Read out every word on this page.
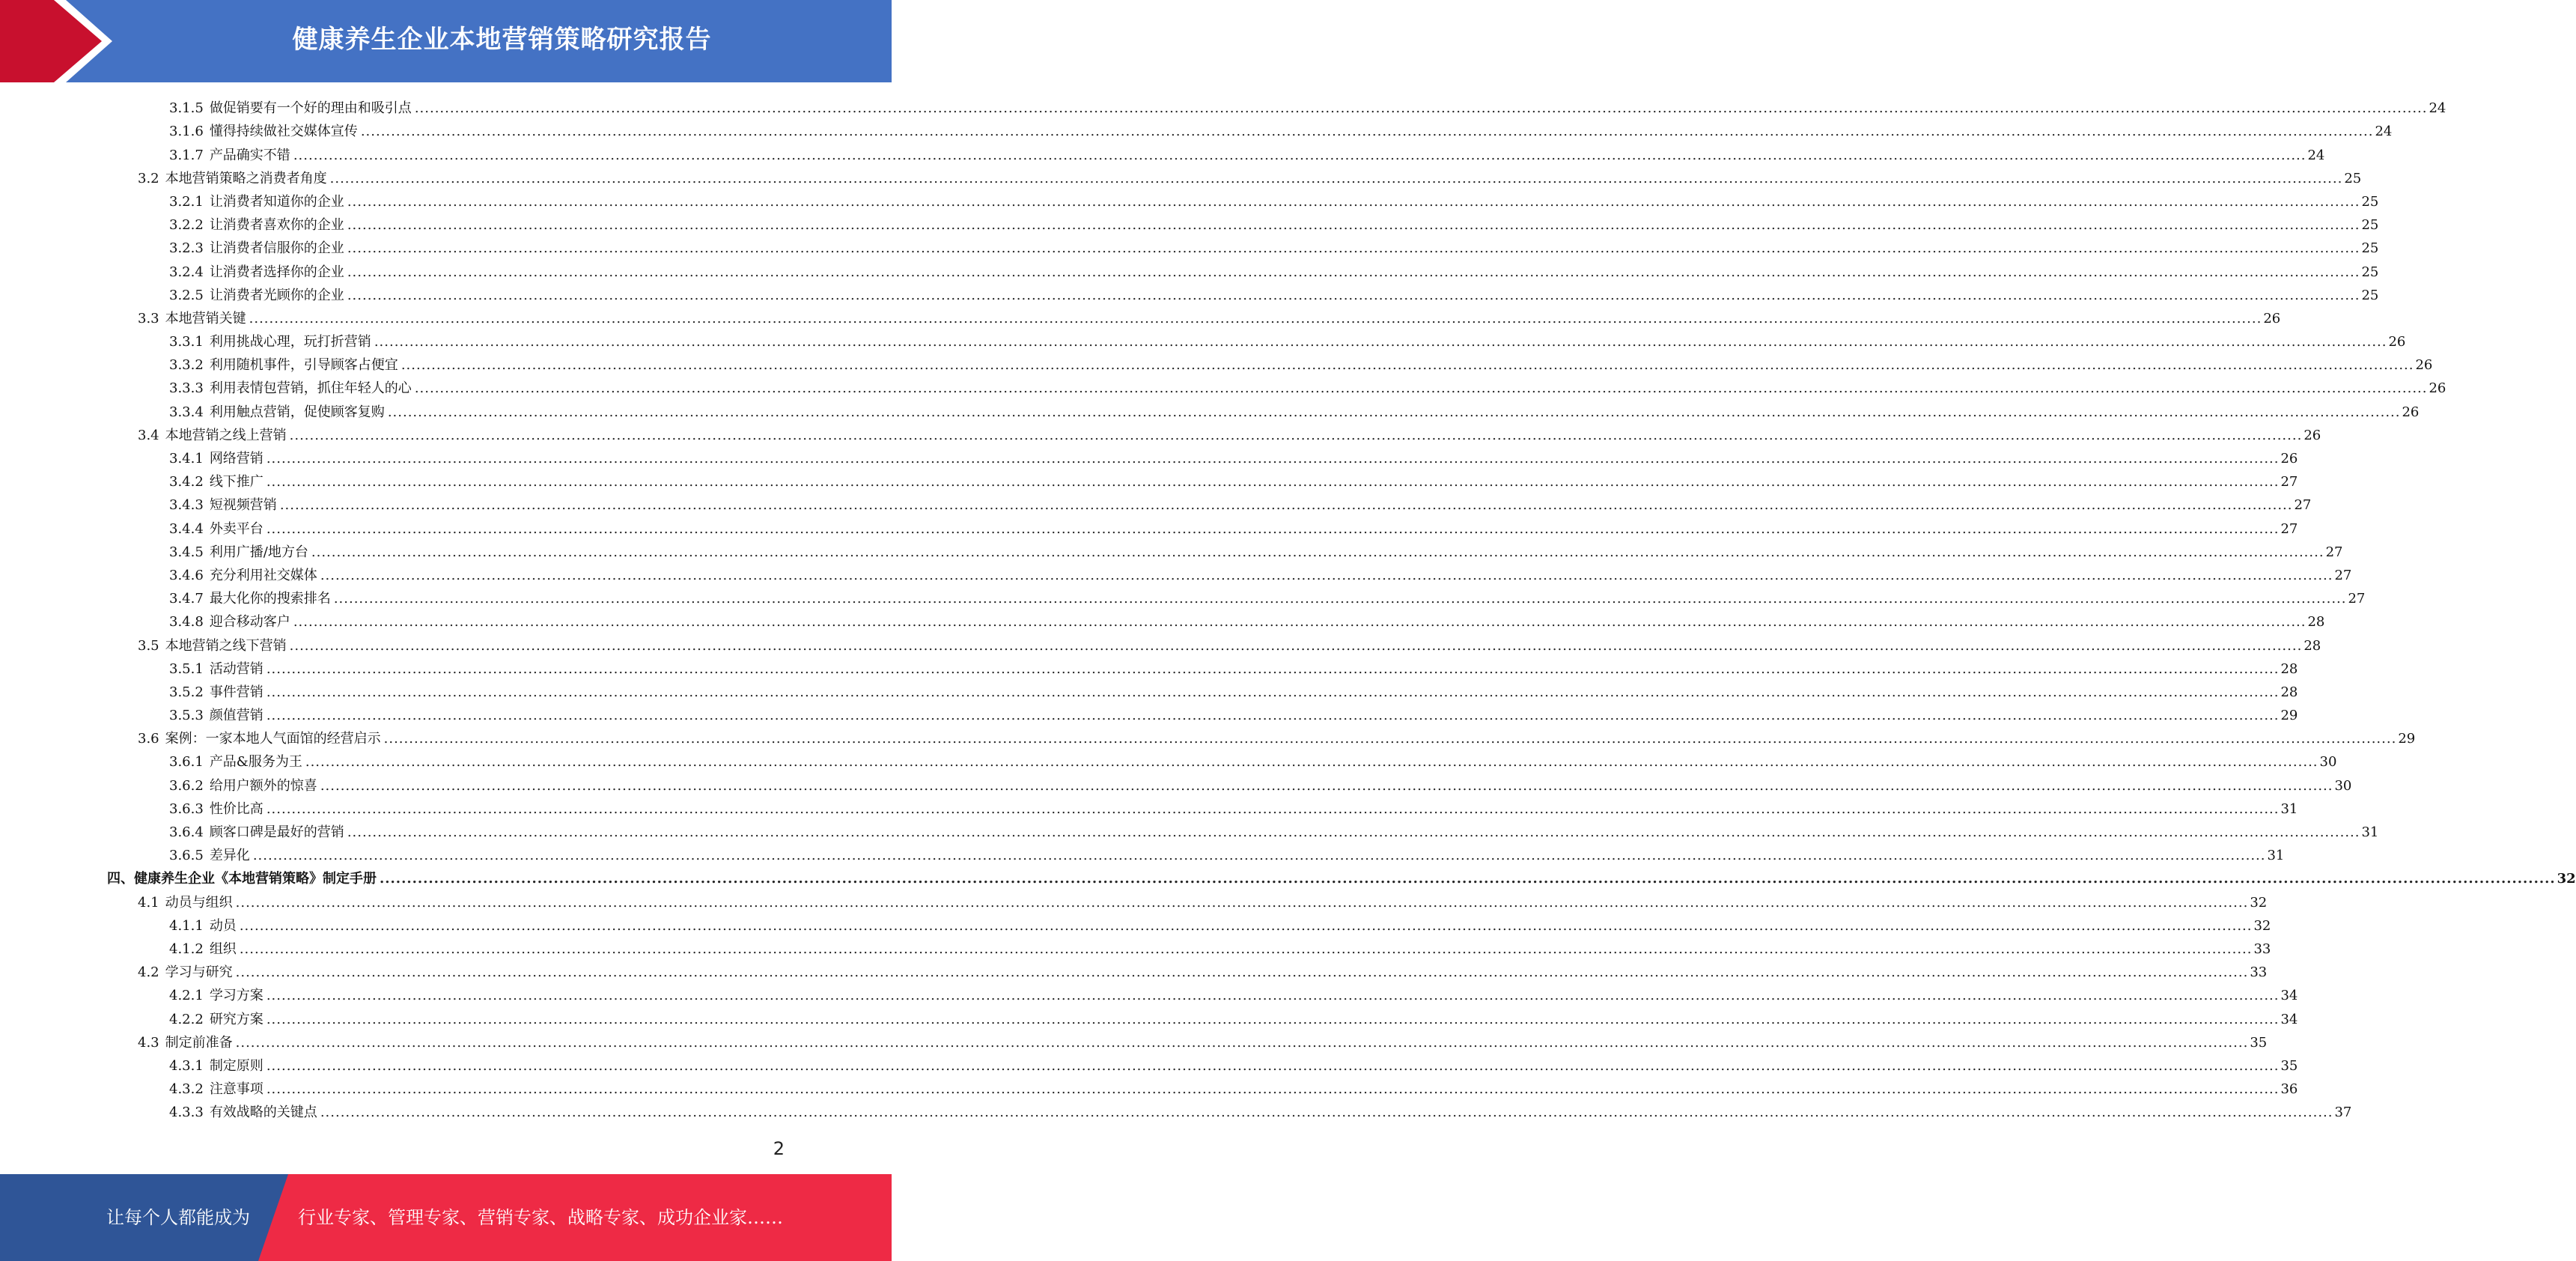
健康养生企业本地营销策略研究报告
3.1.5 做促销要有一个好的理由和吸引点 ................................................................................................................................................................................................................................................................................................................................................................................................................ 24
3.1.6 懂得持续做社交媒体宣传 ................................................................................................................................................................................................................................................................................................................................................................................................................ 24
3.1.7 产品确实不错 ................................................................................................................................................................................................................................................................................................................................................................................................................ 24
3.2 本地营销策略之消费者角度 ................................................................................................................................................................................................................................................................................................................................................................................................................ 25
3.2.1 让消费者知道你的企业 ................................................................................................................................................................................................................................................................................................................................................................................................................ 25
3.2.2 让消费者喜欢你的企业 ................................................................................................................................................................................................................................................................................................................................................................................................................ 25
3.2.3 让消费者信服你的企业 ................................................................................................................................................................................................................................................................................................................................................................................................................ 25
3.2.4 让消费者选择你的企业 ................................................................................................................................................................................................................................................................................................................................................................................................................ 25
3.2.5 让消费者光顾你的企业 ................................................................................................................................................................................................................................................................................................................................................................................................................ 25
3.3 本地营销关键 ................................................................................................................................................................................................................................................................................................................................................................................................................ 26
3.3.1 利用挑战心理，玩打折营销 ................................................................................................................................................................................................................................................................................................................................................................................................................ 26
3.3.2 利用随机事件，引导顾客占便宜 ................................................................................................................................................................................................................................................................................................................................................................................................................ 26
3.3.3 利用表情包营销，抓住年轻人的心 ................................................................................................................................................................................................................................................................................................................................................................................................................ 26
3.3.4 利用触点营销，促使顾客复购 ................................................................................................................................................................................................................................................................................................................................................................................................................ 26
3.4 本地营销之线上营销 ................................................................................................................................................................................................................................................................................................................................................................................................................ 26
3.4.1 网络营销 ................................................................................................................................................................................................................................................................................................................................................................................................................ 26
3.4.2 线下推广 ................................................................................................................................................................................................................................................................................................................................................................................................................ 27
3.4.3 短视频营销 ................................................................................................................................................................................................................................................................................................................................................................................................................ 27
3.4.4 外卖平台 ................................................................................................................................................................................................................................................................................................................................................................................................................ 27
3.4.5 利用广播/地方台 ................................................................................................................................................................................................................................................................................................................................................................................................................ 27
3.4.6 充分利用社交媒体 ................................................................................................................................................................................................................................................................................................................................................................................................................ 27
3.4.7 最大化你的搜索排名 ................................................................................................................................................................................................................................................................................................................................................................................................................ 27
3.4.8 迎合移动客户 ................................................................................................................................................................................................................................................................................................................................................................................................................ 28
3.5 本地营销之线下营销 ................................................................................................................................................................................................................................................................................................................................................................................................................ 28
3.5.1 活动营销 ................................................................................................................................................................................................................................................................................................................................................................................................................ 28
3.5.2 事件营销 ................................................................................................................................................................................................................................................................................................................................................................................................................ 28
3.5.3 颜值营销 ................................................................................................................................................................................................................................................................................................................................................................................................................ 29
3.6 案例：一家本地人气面馆的经营启示 ................................................................................................................................................................................................................................................................................................................................................................................................................ 29
3.6.1 产品&服务为王 ................................................................................................................................................................................................................................................................................................................................................................................................................ 30
3.6.2 给用户额外的惊喜 ................................................................................................................................................................................................................................................................................................................................................................................................................ 30
3.6.3 性价比高 ................................................................................................................................................................................................................................................................................................................................................................................................................ 31
3.6.4 顾客口碑是最好的营销 ................................................................................................................................................................................................................................................................................................................................................................................................................ 31
3.6.5 差异化 ................................................................................................................................................................................................................................................................................................................................................................................................................ 31
四、 健康养生企业《本地营销策略》制定手册 ................................................................................................................................................................................................................................................................................................................................................................................................................ 32
4.1 动员与组织 ................................................................................................................................................................................................................................................................................................................................................................................................................ 32
4.1.1 动员 ................................................................................................................................................................................................................................................................................................................................................................................................................ 32
4.1.2 组织 ................................................................................................................................................................................................................................................................................................................................................................................................................ 33
4.2 学习与研究 ................................................................................................................................................................................................................................................................................................................................................................................................................ 33
4.2.1 学习方案 ................................................................................................................................................................................................................................................................................................................................................................................................................ 34
4.2.2 研究方案 ................................................................................................................................................................................................................................................................................................................................................................................................................ 34
4.3 制定前准备 ................................................................................................................................................................................................................................................................................................................................................................................................................ 35
4.3.1 制定原则 ................................................................................................................................................................................................................................................................................................................................................................................................................ 35
4.3.2 注意事项 ................................................................................................................................................................................................................................................................................................................................................................................................................ 36
4.3.3 有效战略的关键点 ................................................................................................................................................................................................................................................................................................................................................................................................................ 37
2
让每个人都能成为	行业专家、管理专家、营销专家、战略专家、成功企业家……
